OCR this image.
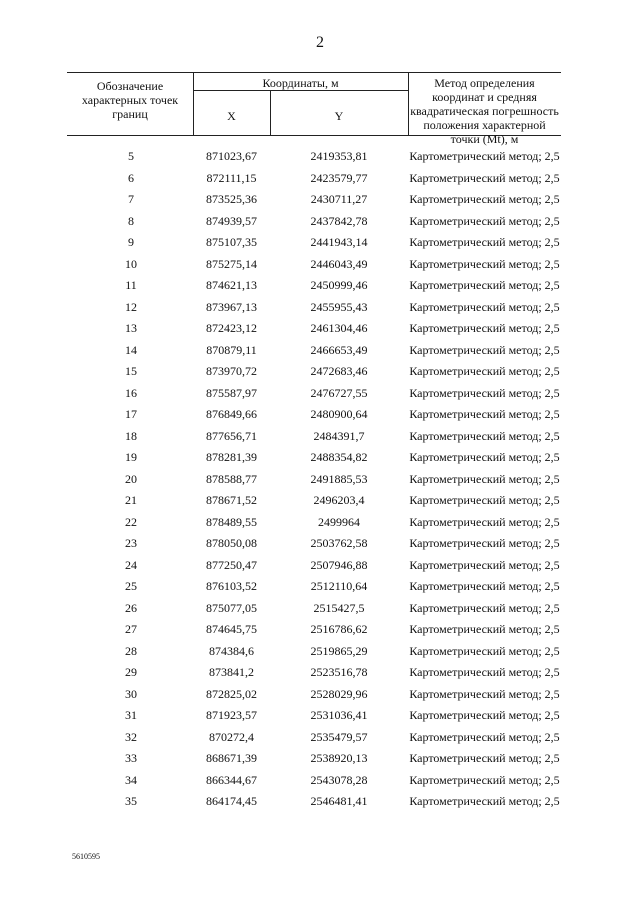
2
Обозначение характерных точек границ
Координаты, м
X	Y
Метод определения координат и средняя квадратическая погрешность положения характерной точки (Mt), м
5	871023,67	2419353,81	Картометрический метод; 2,5
6	872111,15	2423579,77	Картометрический метод; 2,5
7	873525,36	2430711,27	Картометрический метод; 2,5
8	874939,57	2437842,78	Картометрический метод; 2,5
9	875107,35	2441943,14	Картометрический метод; 2,5
10	875275,14	2446043,49	Картометрический метод; 2,5
11	874621,13	2450999,46	Картометрический метод; 2,5
12	873967,13	2455955,43	Картометрический метод; 2,5
13	872423,12	2461304,46	Картометрический метод; 2,5
14	870879,11	2466653,49	Картометрический метод; 2,5
15	873970,72	2472683,46	Картометрический метод; 2,5
16	875587,97	2476727,55	Картометрический метод; 2,5
17	876849,66	2480900,64	Картометрический метод; 2,5
18	877656,71	2484391,7	Картометрический метод; 2,5
19	878281,39	2488354,82	Картометрический метод; 2,5
20	878588,77	2491885,53	Картометрический метод; 2,5
21	878671,52	2496203,4	Картометрический метод; 2,5
22	878489,55	2499964	Картометрический метод; 2,5
23	878050,08	2503762,58	Картометрический метод; 2,5
24	877250,47	2507946,88	Картометрический метод; 2,5
25	876103,52	2512110,64	Картометрический метод; 2,5
26	875077,05	2515427,5	Картометрический метод; 2,5
27	874645,75	2516786,62	Картометрический метод; 2,5
28	874384,6	2519865,29	Картометрический метод; 2,5
29	873841,2	2523516,78	Картометрический метод; 2,5
30	872825,02	2528029,96	Картометрический метод; 2,5
31	871923,57	2531036,41	Картометрический метод; 2,5
32	870272,4	2535479,57	Картометрический метод; 2,5
33	868671,39	2538920,13	Картометрический метод; 2,5
34	866344,67	2543078,28	Картометрический метод; 2,5
35	864174,45	2546481,41	Картометрический метод; 2,5
5610595
